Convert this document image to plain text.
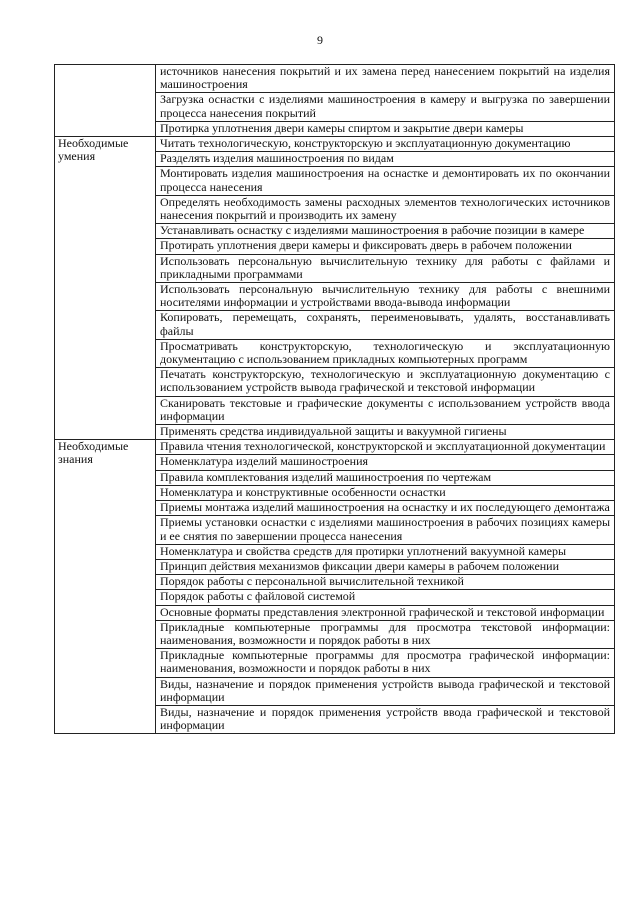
9
	источников нанесения покрытий и их замена перед нанесением покрытий на изделия машиностроения
	Загрузка оснастки с изделиями машиностроения в камеру и выгрузка по завершении процесса нанесения покрытий
	Протирка уплотнения двери камеры спиртом и закрытие двери камеры
Необходимые умения	Читать технологическую, конструкторскую и эксплуатационную документацию
	Разделять изделия машиностроения по видам
	Монтировать изделия машиностроения на оснастке и демонтировать их по окончании процесса нанесения
	Определять необходимость замены расходных элементов технологических источников нанесения покрытий и производить их замену
	Устанавливать оснастку с изделиями машиностроения в рабочие позиции в камере
	Протирать уплотнения двери камеры и фиксировать дверь в рабочем положении
	Использовать персональную вычислительную технику для работы с файлами и прикладными программами
	Использовать персональную вычислительную технику для работы с внешними носителями информации и устройствами ввода-вывода информации
	Копировать, перемещать, сохранять, переименовывать, удалять, восстанавливать файлы
	Просматривать конструкторскую, технологическую и эксплуатационную документацию с использованием прикладных компьютерных программ
	Печатать конструкторскую, технологическую и эксплуатационную документацию с использованием устройств вывода графической и текстовой информации
	Сканировать текстовые и графические документы с использованием устройств ввода информации
	Применять средства индивидуальной защиты и вакуумной гигиены
Необходимые знания	Правила чтения технологической, конструкторской и эксплуатационной документации
	Номенклатура изделий машиностроения
	Правила комплектования изделий машиностроения по чертежам
	Номенклатура и конструктивные особенности оснастки
	Приемы монтажа изделий машиностроения на оснастку и их последующего демонтажа
	Приемы установки оснастки с изделиями машиностроения в рабочих позициях камеры и ее снятия по завершении процесса нанесения
	Номенклатура и свойства средств для протирки уплотнений вакуумной камеры
	Принцип действия механизмов фиксации двери камеры в рабочем положении
	Порядок работы с персональной вычислительной техникой
	Порядок работы с файловой системой
	Основные форматы представления электронной графической и текстовой информации
	Прикладные компьютерные программы для просмотра текстовой информации: наименования, возможности и порядок работы в них
	Прикладные компьютерные программы для просмотра графической информации: наименования, возможности и порядок работы в них
	Виды, назначение и порядок применения устройств вывода графической и текстовой информации
	Виды, назначение и порядок применения устройств ввода графической и текстовой информации
